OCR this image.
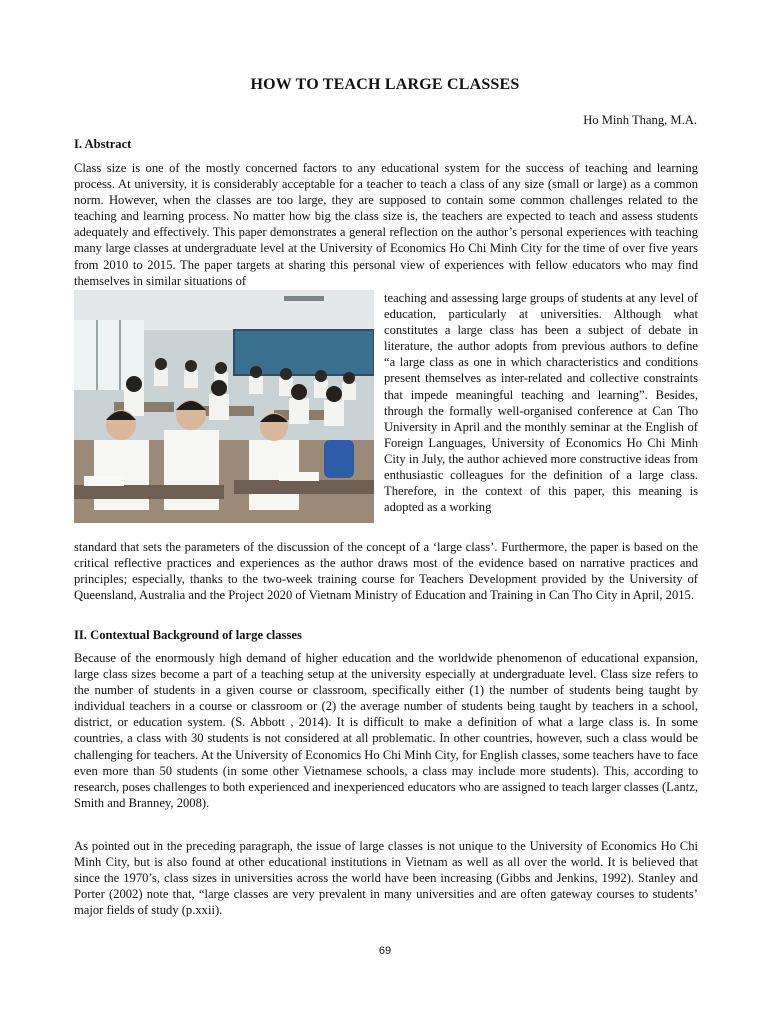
HOW TO TEACH LARGE CLASSES
Ho Minh Thang, M.A.
I. Abstract

Class size is one of the mostly concerned factors to any educational system for the success of teaching and learning process. At university, it is considerably acceptable for a teacher to teach a class of any size (small or large) as a common norm. However, when the classes are too large, they are supposed to contain some common challenges related to the teaching and learning process. No matter how big the class size is, the teachers are expected to teach and assess students adequately and effectively. This paper demonstrates a general reflection on the author’s personal experiences with teaching many large classes at undergraduate level at the University of Economics Ho Chi Minh City for the time of over five years from 2010 to 2015. The paper targets at sharing this personal view of experiences with fellow educators who may find themselves in similar situations of

teaching and assessing large groups of students at any level of education, particularly at universities. Although what constitutes a large class has been a subject of debate in literature, the author adopts from previous authors to define “a large class as one in which characteristics and conditions present themselves as inter-related and collective constraints that impede meaningful teaching and learning”. Besides, through the formally well-organised conference at Can Tho University in April and the monthly seminar at the English of Foreign Languages, University of Economics Ho Chi Minh City in July, the author achieved more constructive ideas from enthusiastic colleagues for the definition of a large class. Therefore, in the context of this paper, this meaning is adopted as a working

standard that sets the parameters of the discussion of the concept of a ‘large class’. Furthermore, the paper is based on the critical reflective practices and experiences as the author draws most of the evidence based on narrative practices and principles; especially, thanks to the two-week training course for Teachers Development provided by the University of Queensland, Australia and the Project 2020 of Vietnam Ministry of Education and Training in Can Tho City in April, 2015.

II. Contextual Background of large classes

Because of the enormously high demand of higher education and the worldwide phenomenon of educational expansion, large class sizes become a part of a teaching setup at the university especially at undergraduate level. Class size refers to the number of students in a given course or classroom, specifically either (1) the number of students being taught by individual teachers in a course or classroom or (2) the average number of students being taught by teachers in a school, district, or education system. (S. Abbott , 2014). It is difficult to make a definition of what a large class is. In some countries, a class with 30 students is not considered at all problematic. In other countries, however, such a class would be challenging for teachers. At the University of Economics Ho Chi Minh City, for English classes, some teachers have to face even more than 50 students (in some other Vietnamese schools, a class may include more students). This, according to research, poses challenges to both experienced and inexperienced educators who are assigned to teach larger classes (Lantz, Smith and Branney, 2008).

As pointed out in the preceding paragraph, the issue of large classes is not unique to the University of Economics Ho Chi Minh City, but is also found at other educational institutions in Vietnam as well as all over the world. It is believed that since the 1970’s, class sizes in universities across the world have been increasing (Gibbs and Jenkins, 1992). Stanley and Porter (2002) note that, “large classes are very prevalent in many universities and are often gateway courses to students’ major fields of study (p.xxii).

69
